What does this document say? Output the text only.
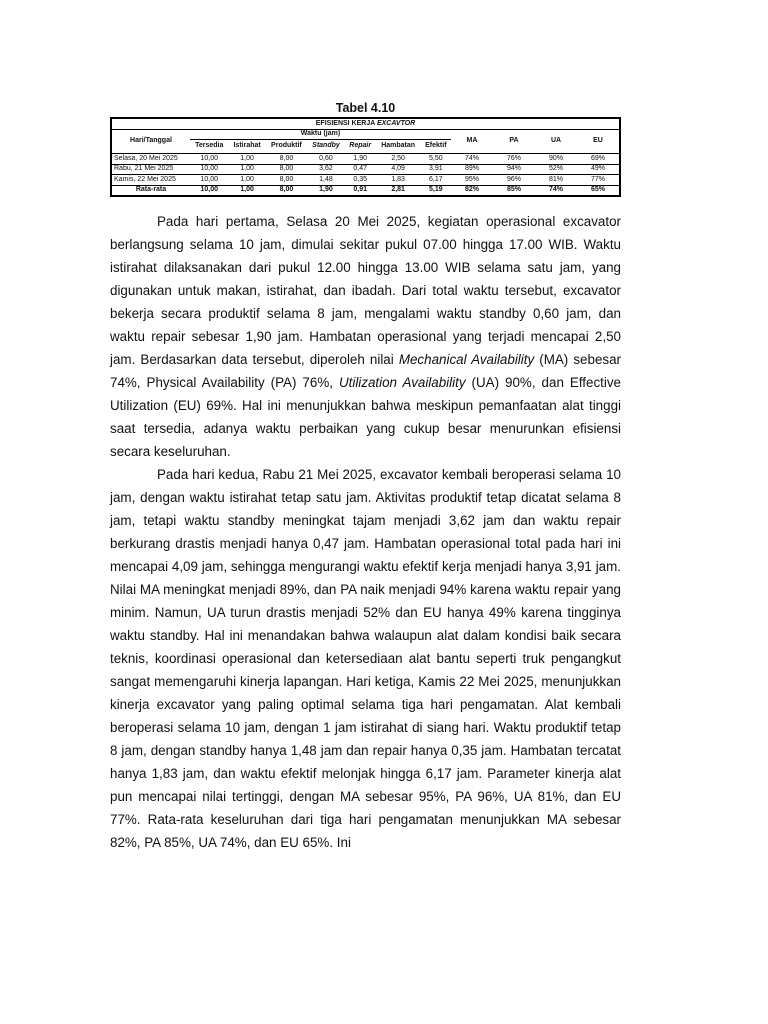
Tabel 4.10
EFISIENSI KERJA EXCAVTOR											
Hari/Tanggal	Waktu (jam)							MA	PA	UA	EU
	Tersedia	Istirahat	Produktif	Standby	Repair	Hambatan	Efektif				
Selasa, 20 Mei 2025	10,00	1,00	8,00	0,60	1,90	2,50	5,50	74%	76%	90%	69%
Rabu, 21 Mei 2025	10,00	1,00	8,00	3,62	0,47	4,09	3,91	89%	94%	52%	49%
Kamis, 22 Mei 2025	10,00	1,00	8,00	1,48	0,35	1,83	6,17	95%	96%	81%	77%
Rata-rata	10,00	1,00	8,00	1,90	0,91	2,81	5,19	82%	85%	74%	65%

Pada hari pertama, Selasa 20 Mei 2025, kegiatan operasional excavator berlangsung selama 10 jam, dimulai sekitar pukul 07.00 hingga 17.00 WIB. Waktu istirahat dilaksanakan dari pukul 12.00 hingga 13.00 WIB selama satu jam, yang digunakan untuk makan, istirahat, dan ibadah. Dari total waktu tersebut, excavator bekerja secara produktif selama 8 jam, mengalami waktu standby 0,60 jam, dan waktu repair sebesar 1,90 jam. Hambatan operasional yang terjadi mencapai 2,50 jam. Berdasarkan data tersebut, diperoleh nilai Mechanical Availability (MA) sebesar 74%, Physical Availability (PA) 76%, Utilization Availability (UA) 90%, dan Effective Utilization (EU) 69%. Hal ini menunjukkan bahwa meskipun pemanfaatan alat tinggi saat tersedia, adanya waktu perbaikan yang cukup besar menurunkan efisiensi secara keseluruhan.

Pada hari kedua, Rabu 21 Mei 2025, excavator kembali beroperasi selama 10 jam, dengan waktu istirahat tetap satu jam. Aktivitas produktif tetap dicatat selama 8 jam, tetapi waktu standby meningkat tajam menjadi 3,62 jam dan waktu repair berkurang drastis menjadi hanya 0,47 jam. Hambatan operasional total pada hari ini mencapai 4,09 jam, sehingga mengurangi waktu efektif kerja menjadi hanya 3,91 jam. Nilai MA meningkat menjadi 89%, dan PA naik menjadi 94% karena waktu repair yang minim. Namun, UA turun drastis menjadi 52% dan EU hanya 49% karena tingginya waktu standby. Hal ini menandakan bahwa walaupun alat dalam kondisi baik secara teknis, koordinasi operasional dan ketersediaan alat bantu seperti truk pengangkut sangat memengaruhi kinerja lapangan. Hari ketiga, Kamis 22 Mei 2025, menunjukkan kinerja excavator yang paling optimal selama tiga hari pengamatan. Alat kembali beroperasi selama 10 jam, dengan 1 jam istirahat di siang hari. Waktu produktif tetap 8 jam, dengan standby hanya 1,48 jam dan repair hanya 0,35 jam. Hambatan tercatat hanya 1,83 jam, dan waktu efektif melonjak hingga 6,17 jam. Parameter kinerja alat pun mencapai nilai tertinggi, dengan MA sebesar 95%, PA 96%, UA 81%, dan EU 77%. Rata-rata keseluruhan dari tiga hari pengamatan menunjukkan MA sebesar 82%, PA 85%, UA 74%, dan EU 65%. Ini
